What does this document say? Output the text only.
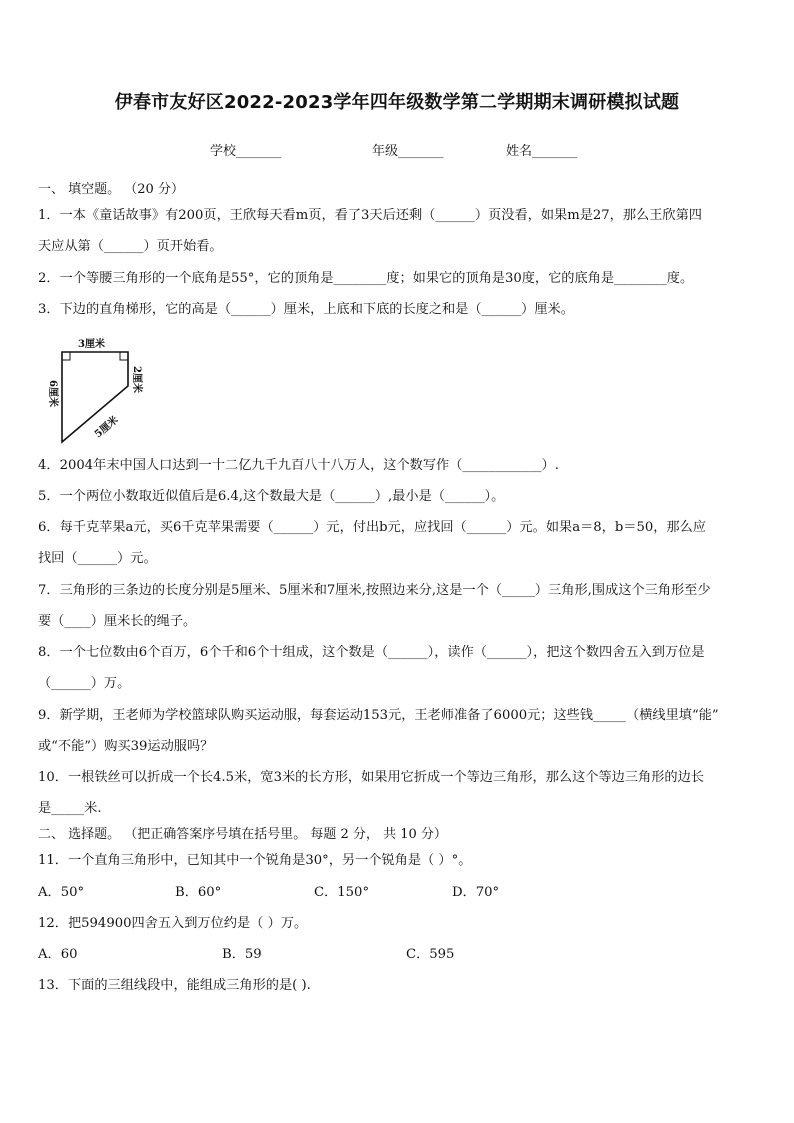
伊春市友好区2022-2023学年四年级数学第二学期期末调研模拟试题
学校_______	年级_______	姓名_______
一、 填空题。 （20 分）
1．一本《童话故事》有200页，王欣每天看m页，看了3天后还剩（______）页没看，如果m是27，那么王欣第四
天应从第（______）页开始看。
2．一个等腰三角形的一个底角是55°，它的顶角是________度；如果它的顶角是30度，它的底角是________度。
3．下边的直角梯形，它的高是（______）厘米，上底和下底的长度之和是（______）厘米。
3厘米
2厘米
6厘米
5厘米
4．2004年末中国人口达到一十二亿九千九百八十八万人，这个数写作（____________）.
5．一个两位小数取近似值后是6.4,这个数最大是（______）,最小是（______）。
6．每千克苹果a元，买6千克苹果需要（______）元，付出b元，应找回（______）元。如果a＝8，b＝50，那么应
找回（______）元。
7．三角形的三条边的长度分别是5厘米、5厘米和7厘米,按照边来分,这是一个（_____）三角形,围成这个三角形至少
要（____）厘米长的绳子。
8．一个七位数由6个百万，6个千和6个十组成，这个数是（______），读作（______），把这个数四舍五入到万位是
（______）万。
9．新学期，王老师为学校篮球队购买运动服，每套运动153元，王老师准备了6000元；这些钱_____（横线里填“能”
或“不能”）购买39运动服吗？
10．一根铁丝可以折成一个长4.5米，宽3米的长方形，如果用它折成一个等边三角形，那么这个等边三角形的边长
是_____米.
二、 选择题。 （把正确答案序号填在括号里。 每题 2 分， 共 10 分）
11．一个直角三角形中，已知其中一个锐角是30°，另一个锐角是（ ）°。
A．50°	B．60°	C．150°	D．70°
12．把594900四舍五入到万位约是（ ）万。
A．60	B．59	C．595
13．下面的三组线段中，能组成三角形的是( ).
